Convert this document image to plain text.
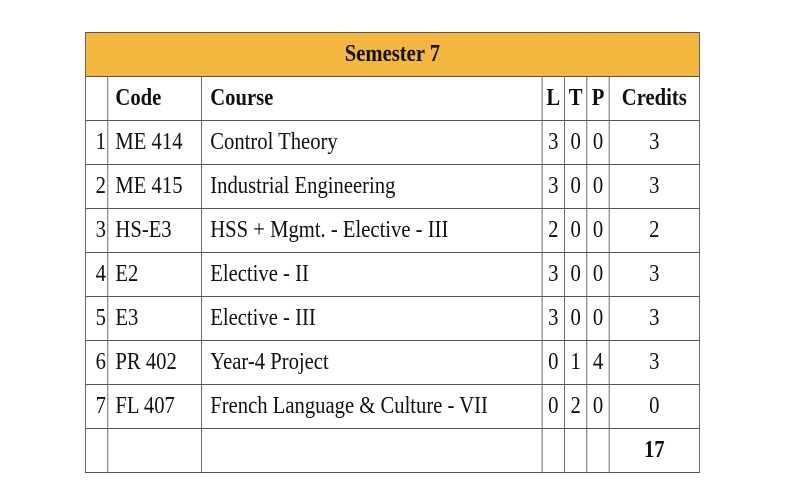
Semester 7						
	Code	Course	L	T	P	Credits
1	ME 414	Control Theory	3	0	0	3
2	ME 415	Industrial Engineering	3	0	0	3
3	HS-E3	HSS + Mgmt. - Elective - III	2	0	0	2
4	E2	Elective - II	3	0	0	3
5	E3	Elective - III	3	0	0	3
6	PR 402	Year-4 Project	0	1	4	3
7	FL 407	French Language & Culture - VII	0	2	0	0
						17
